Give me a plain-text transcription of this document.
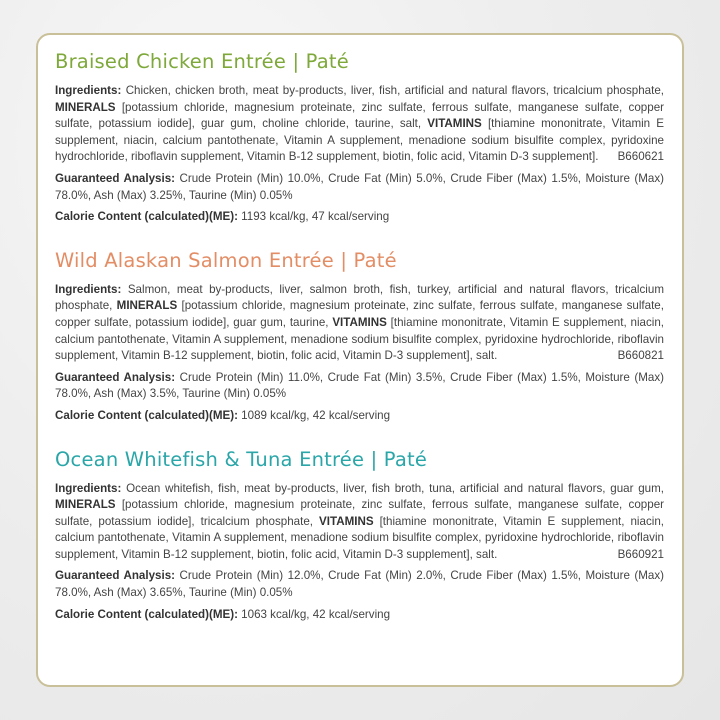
Braised Chicken Entrée | Paté

Ingredients: Chicken, chicken broth, meat by-products, liver, fish, artificial and natural flavors, tricalcium phosphate, MINERALS [potassium chloride, magnesium proteinate, zinc sulfate, ferrous sulfate, manganese sulfate, copper sulfate, potassium iodide], guar gum, choline chloride, taurine, salt, VITAMINS [thiamine mononitrate, Vitamin E supplement, niacin, calcium pantothenate, Vitamin A supplement, menadione sodium bisulfite complex, pyridoxine hydrochloride, riboflavin supplement, Vitamin B-12 supplement, biotin, folic acid, Vitamin D-3 supplement]. B660621

Guaranteed Analysis: Crude Protein (Min) 10.0%, Crude Fat (Min) 5.0%, Crude Fiber (Max) 1.5%, Moisture (Max) 78.0%, Ash (Max) 3.25%, Taurine (Min) 0.05%

Calorie Content (calculated)(ME): 1193 kcal/kg, 47 kcal/serving

Wild Alaskan Salmon Entrée | Paté

Ingredients: Salmon, meat by-products, liver, salmon broth, fish, turkey, artificial and natural flavors, tricalcium phosphate, MINERALS [potassium chloride, magnesium proteinate, zinc sulfate, ferrous sulfate, manganese sulfate, copper sulfate, potassium iodide], guar gum, taurine, VITAMINS [thiamine mononitrate, Vitamin E supplement, niacin, calcium pantothenate, Vitamin A supplement, menadione sodium bisulfite complex, pyridoxine hydrochloride, riboflavin supplement, Vitamin B-12 supplement, biotin, folic acid, Vitamin D-3 supplement], salt.	B660821

Guaranteed Analysis: Crude Protein (Min) 11.0%, Crude Fat (Min) 3.5%, Crude Fiber (Max) 1.5%, Moisture (Max) 78.0%, Ash (Max) 3.5%, Taurine (Min) 0.05%

Calorie Content (calculated)(ME): 1089 kcal/kg, 42 kcal/serving

Ocean Whitefish & Tuna Entrée | Paté

Ingredients: Ocean whitefish, fish, meat by-products, liver, fish broth, tuna, artificial and natural flavors, guar gum, MINERALS [potassium chloride, magnesium proteinate, zinc sulfate, ferrous sulfate, manganese sulfate, copper sulfate, potassium iodide], tricalcium phosphate, VITAMINS [thiamine mononitrate, Vitamin E supplement, niacin, calcium pantothenate, Vitamin A supplement, menadione sodium bisulfite complex, pyridoxine hydrochloride, riboflavin supplement, Vitamin B-12 supplement, biotin, folic acid, Vitamin D-3 supplement], salt.	B660921

Guaranteed Analysis: Crude Protein (Min) 12.0%, Crude Fat (Min) 2.0%, Crude Fiber (Max) 1.5%, Moisture (Max) 78.0%, Ash (Max) 3.65%, Taurine (Min) 0.05%

Calorie Content (calculated)(ME): 1063 kcal/kg, 42 kcal/serving
